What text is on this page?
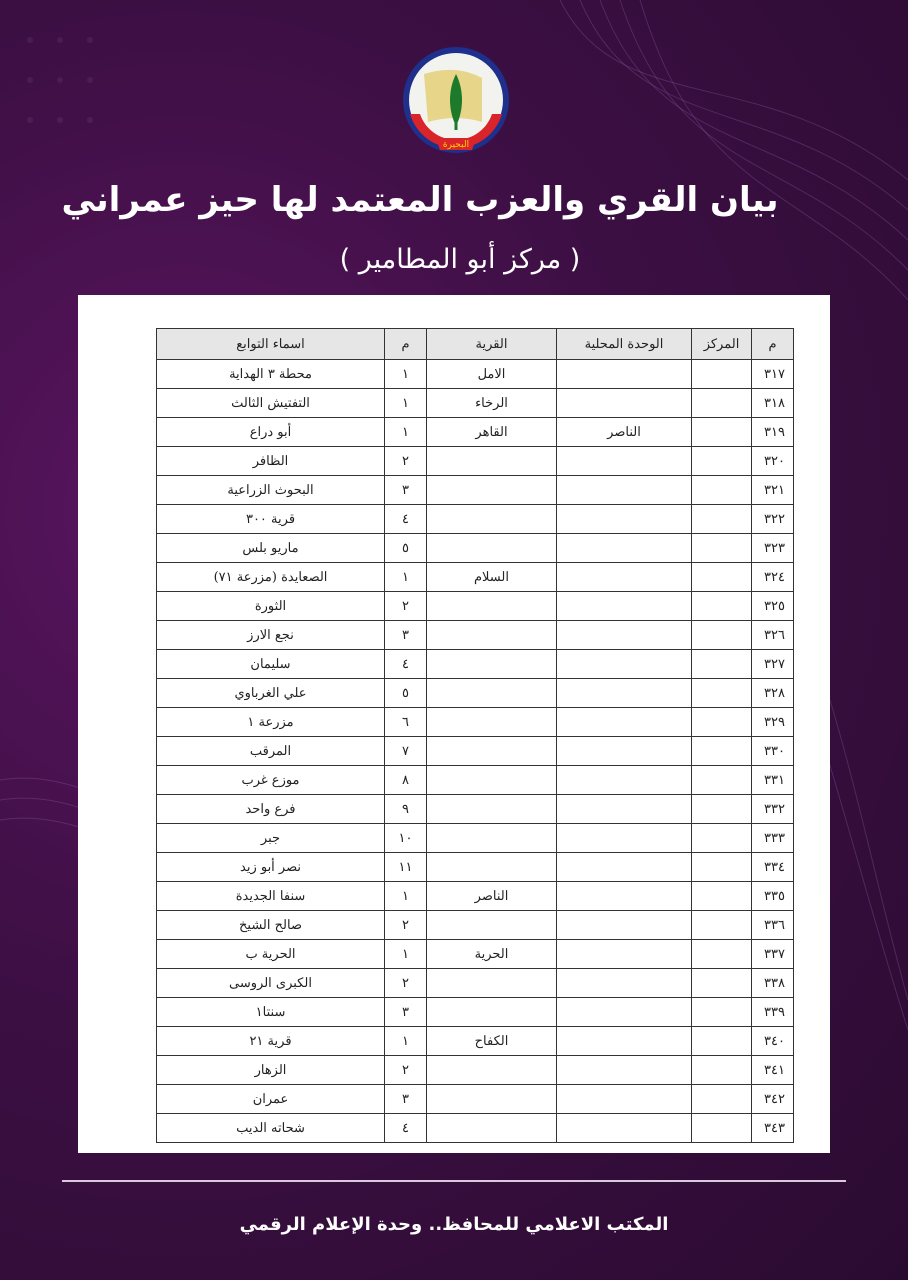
البحيرة
بيان القري والعزب المعتمد لها حيز عمراني
( مركز أبو المطامير )
م	المركز	الوحدة المحلية	القرية	م	اسماء التوابع
٣١٧			الامل	١	محطة ٣ الهداية
٣١٨			الرخاء	١	التفتيش الثالث
٣١٩		الناصر	القاهر	١	أبو دراع
٣٢٠				٢	الظافر
٣٢١				٣	البحوث الزراعية
٣٢٢				٤	قرية ٣٠٠
٣٢٣				٥	ماريو بلس
٣٢٤			السلام	١	الصعايدة (مزرعة ٧١)
٣٢٥				٢	الثورة
٣٢٦				٣	نجع الارز
٣٢٧				٤	سليمان
٣٢٨				٥	علي الغرباوي
٣٢٩				٦	مزرعة ١
٣٣٠				٧	المرقب
٣٣١				٨	موزع غرب
٣٣٢				٩	فرع واحد
٣٣٣				١٠	جبر
٣٣٤				١١	نصر أبو زيد
٣٣٥			الناصر	١	سنفا الجديدة
٣٣٦				٢	صالح الشيخ
٣٣٧			الحرية	١	الحرية ب
٣٣٨				٢	الكبرى الروسى
٣٣٩				٣	سنتا١
٣٤٠			الكفاح	١	قرية ٢١
٣٤١				٢	الزهار
٣٤٢				٣	عمران
٣٤٣				٤	شحاته الديب
المكتب الاعلامي للمحافظ.. وحدة الإعلام الرقمي
